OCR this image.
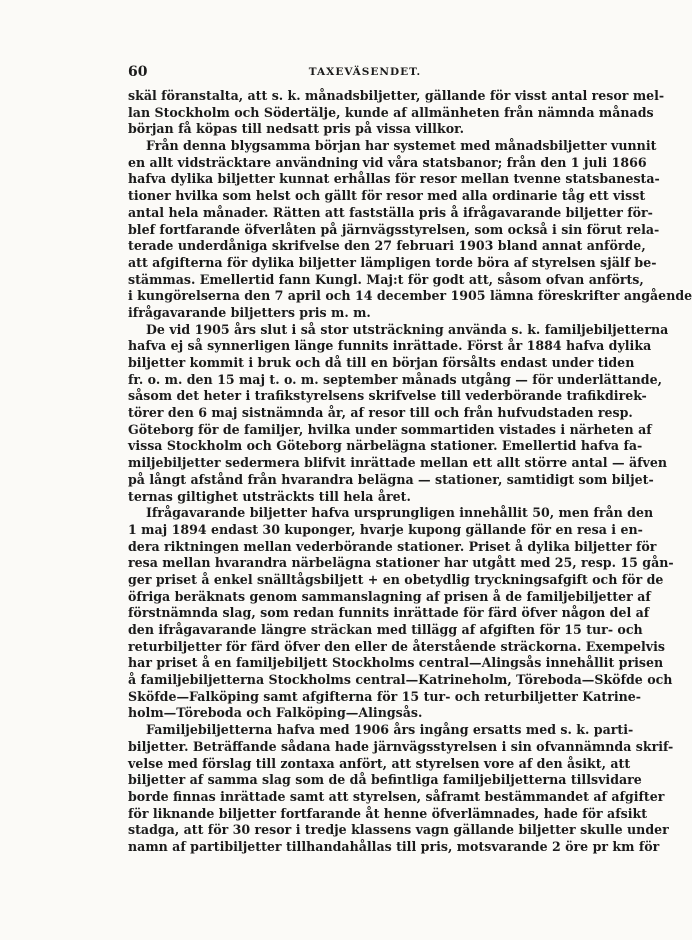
60	TAXEVÄSENDET.
skäl föranstalta, att s. k. månadsbiljetter, gällande för visst antal resor mel-
lan Stockholm och Södertälje, kunde af allmänheten från nämnda månads
början få köpas till nedsatt pris på vissa villkor.
Från denna blygsamma början har systemet med månadsbiljetter vunnit
en allt vidsträcktare användning vid våra statsbanor; från den 1 juli 1866
hafva dylika biljetter kunnat erhållas för resor mellan tvenne statsbanesta-
tioner hvilka som helst och gällt för resor med alla ordinarie tåg ett visst
antal hela månader. Rätten att fastställa pris å ifrågavarande biljetter för-
blef fortfarande öfverlåten på järnvägsstyrelsen, som också i sin förut rela-
terade underdåniga skrifvelse den 27 februari 1903 bland annat anförde,
att afgifterna för dylika biljetter lämpligen torde böra af styrelsen själf be-
stämmas. Emellertid fann Kungl. Maj:t för godt att, såsom ofvan anförts,
i kungörelserna den 7 april och 14 december 1905 lämna föreskrifter angående
ifrågavarande biljetters pris m. m.
De vid 1905 års slut i så stor utsträckning använda s. k. familjebiljetterna
hafva ej så synnerligen länge funnits inrättade. Först år 1884 hafva dylika
biljetter kommit i bruk och då till en början försålts endast under tiden
fr. o. m. den 15 maj t. o. m. september månads utgång — för underlättande,
såsom det heter i trafikstyrelsens skrifvelse till vederbörande trafikdirek-
törer den 6 maj sistnämnda år, af resor till och från hufvudstaden resp.
Göteborg för de familjer, hvilka under sommartiden vistades i närheten af
vissa Stockholm och Göteborg närbelägna stationer. Emellertid hafva fa-
miljebiljetter sedermera blifvit inrättade mellan ett allt större antal — äfven
på långt afstånd från hvarandra belägna — stationer, samtidigt som biljet-
ternas giltighet utsträckts till hela året.
Ifrågavarande biljetter hafva ursprungligen innehållit 50, men från den
1 maj 1894 endast 30 kuponger, hvarje kupong gällande för en resa i en-
dera riktningen mellan vederbörande stationer. Priset å dylika biljetter för
resa mellan hvarandra närbelägna stationer har utgått med 25, resp. 15 gån-
ger priset å enkel snälltågsbiljett + en obetydlig tryckningsafgift och för de
öfriga beräknats genom sammanslagning af prisen å de familjebiljetter af
förstnämnda slag, som redan funnits inrättade för färd öfver någon del af
den ifrågavarande längre sträckan med tillägg af afgiften för 15 tur- och
returbiljetter för färd öfver den eller de återstående sträckorna. Exempelvis
har priset å en familjebiljett Stockholms central—Alingsås innehållit prisen
å familjebiljetterna Stockholms central—Katrineholm, Töreboda—Sköfde och
Sköfde—Falköping samt afgifterna för 15 tur- och returbiljetter Katrine-
holm—Töreboda och Falköping—Alingsås.
Familjebiljetterna hafva med 1906 års ingång ersatts med s. k. parti-
biljetter. Beträffande sådana hade järnvägsstyrelsen i sin ofvannämnda skrif-
velse med förslag till zontaxa anfört, att styrelsen vore af den åsikt, att
biljetter af samma slag som de då befintliga familjebiljetterna tillsvidare
borde finnas inrättade samt att styrelsen, såframt bestämmandet af afgifter
för liknande biljetter fortfarande åt henne öfverlämnades, hade för afsikt
stadga, att för 30 resor i tredje klassens vagn gällande biljetter skulle under
namn af partibiljetter tillhandahållas till pris, motsvarande 2 öre pr km för
